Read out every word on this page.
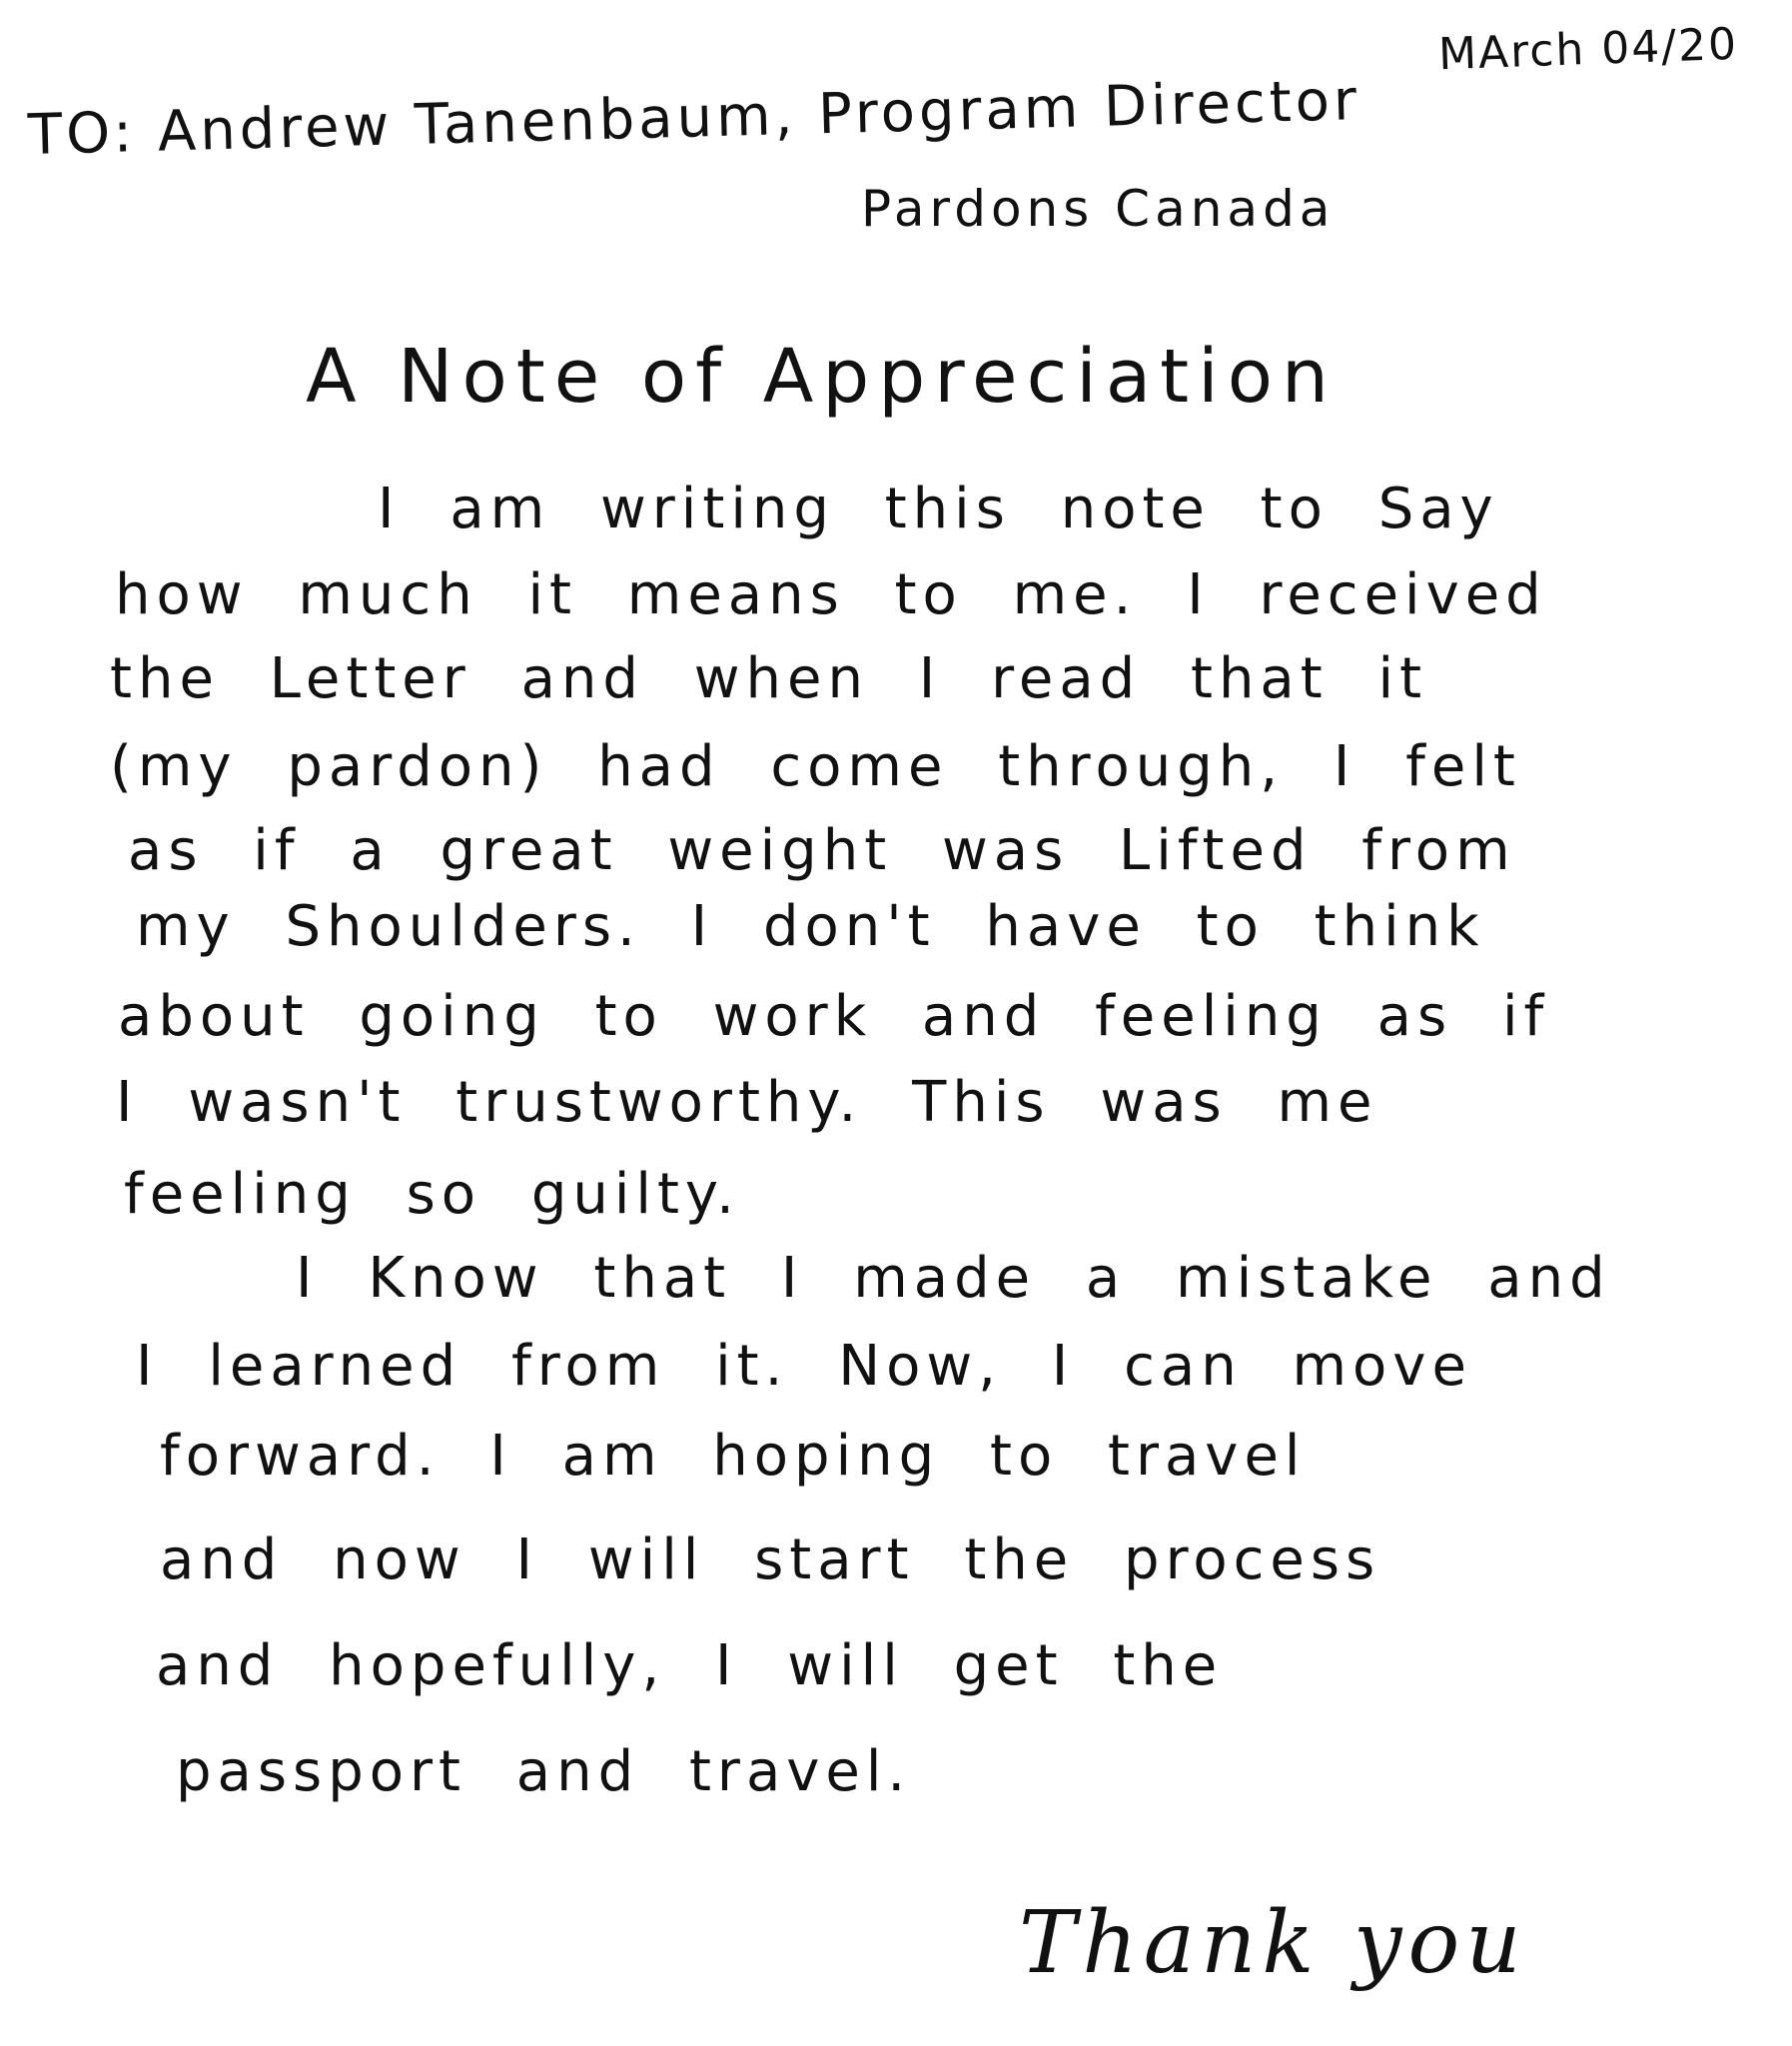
MArch 04/20
TO: Andrew Tanenbaum, Program Director
Pardons Canada
A Note of Appreciation
I am writing this note to Say
how much it means to me. I received
the Letter and when I read that it
(my pardon) had come through, I felt
as if a great weight was Lifted from
my Shoulders. I don't have to think
about going to work and feeling as if
I wasn't trustworthy. This was me
feeling so guilty.
I Know that I made a mistake and
I learned from it. Now, I can move
forward. I am hoping to travel
and now I will start the process
and hopefully, I will get the
passport and travel.
Thank you
